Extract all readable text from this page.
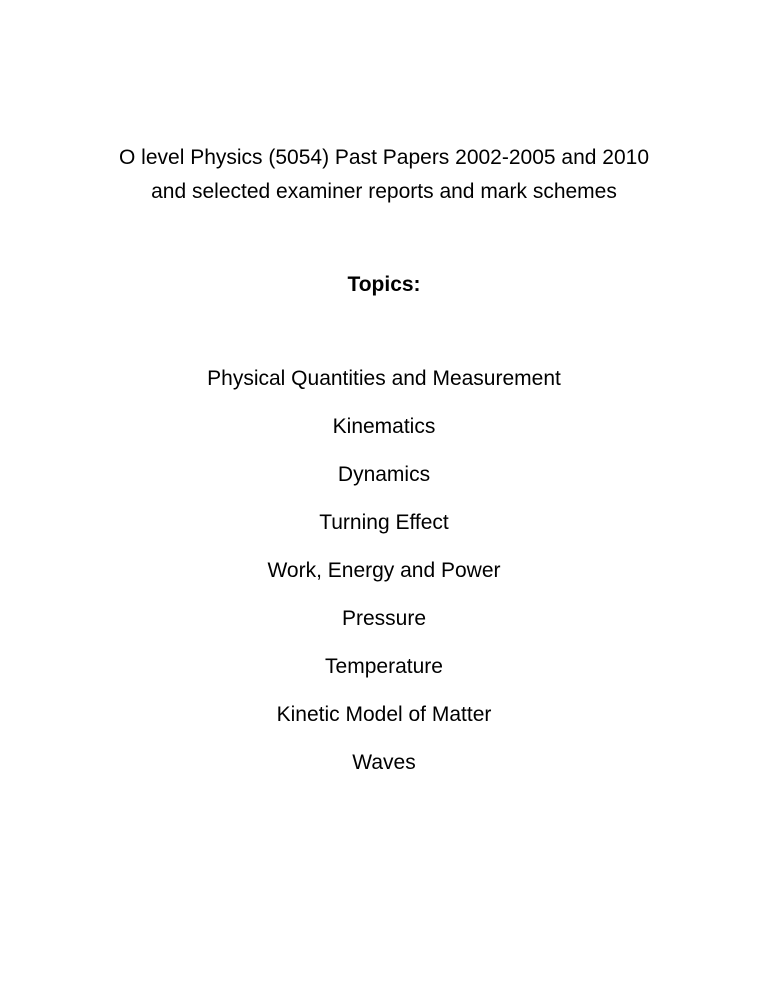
O level Physics (5054) Past Papers 2002-2005 and 2010
and selected examiner reports and mark schemes
Topics:
Physical Quantities and Measurement
Kinematics
Dynamics
Turning Effect
Work, Energy and Power
Pressure
Temperature
Kinetic Model of Matter
Waves
